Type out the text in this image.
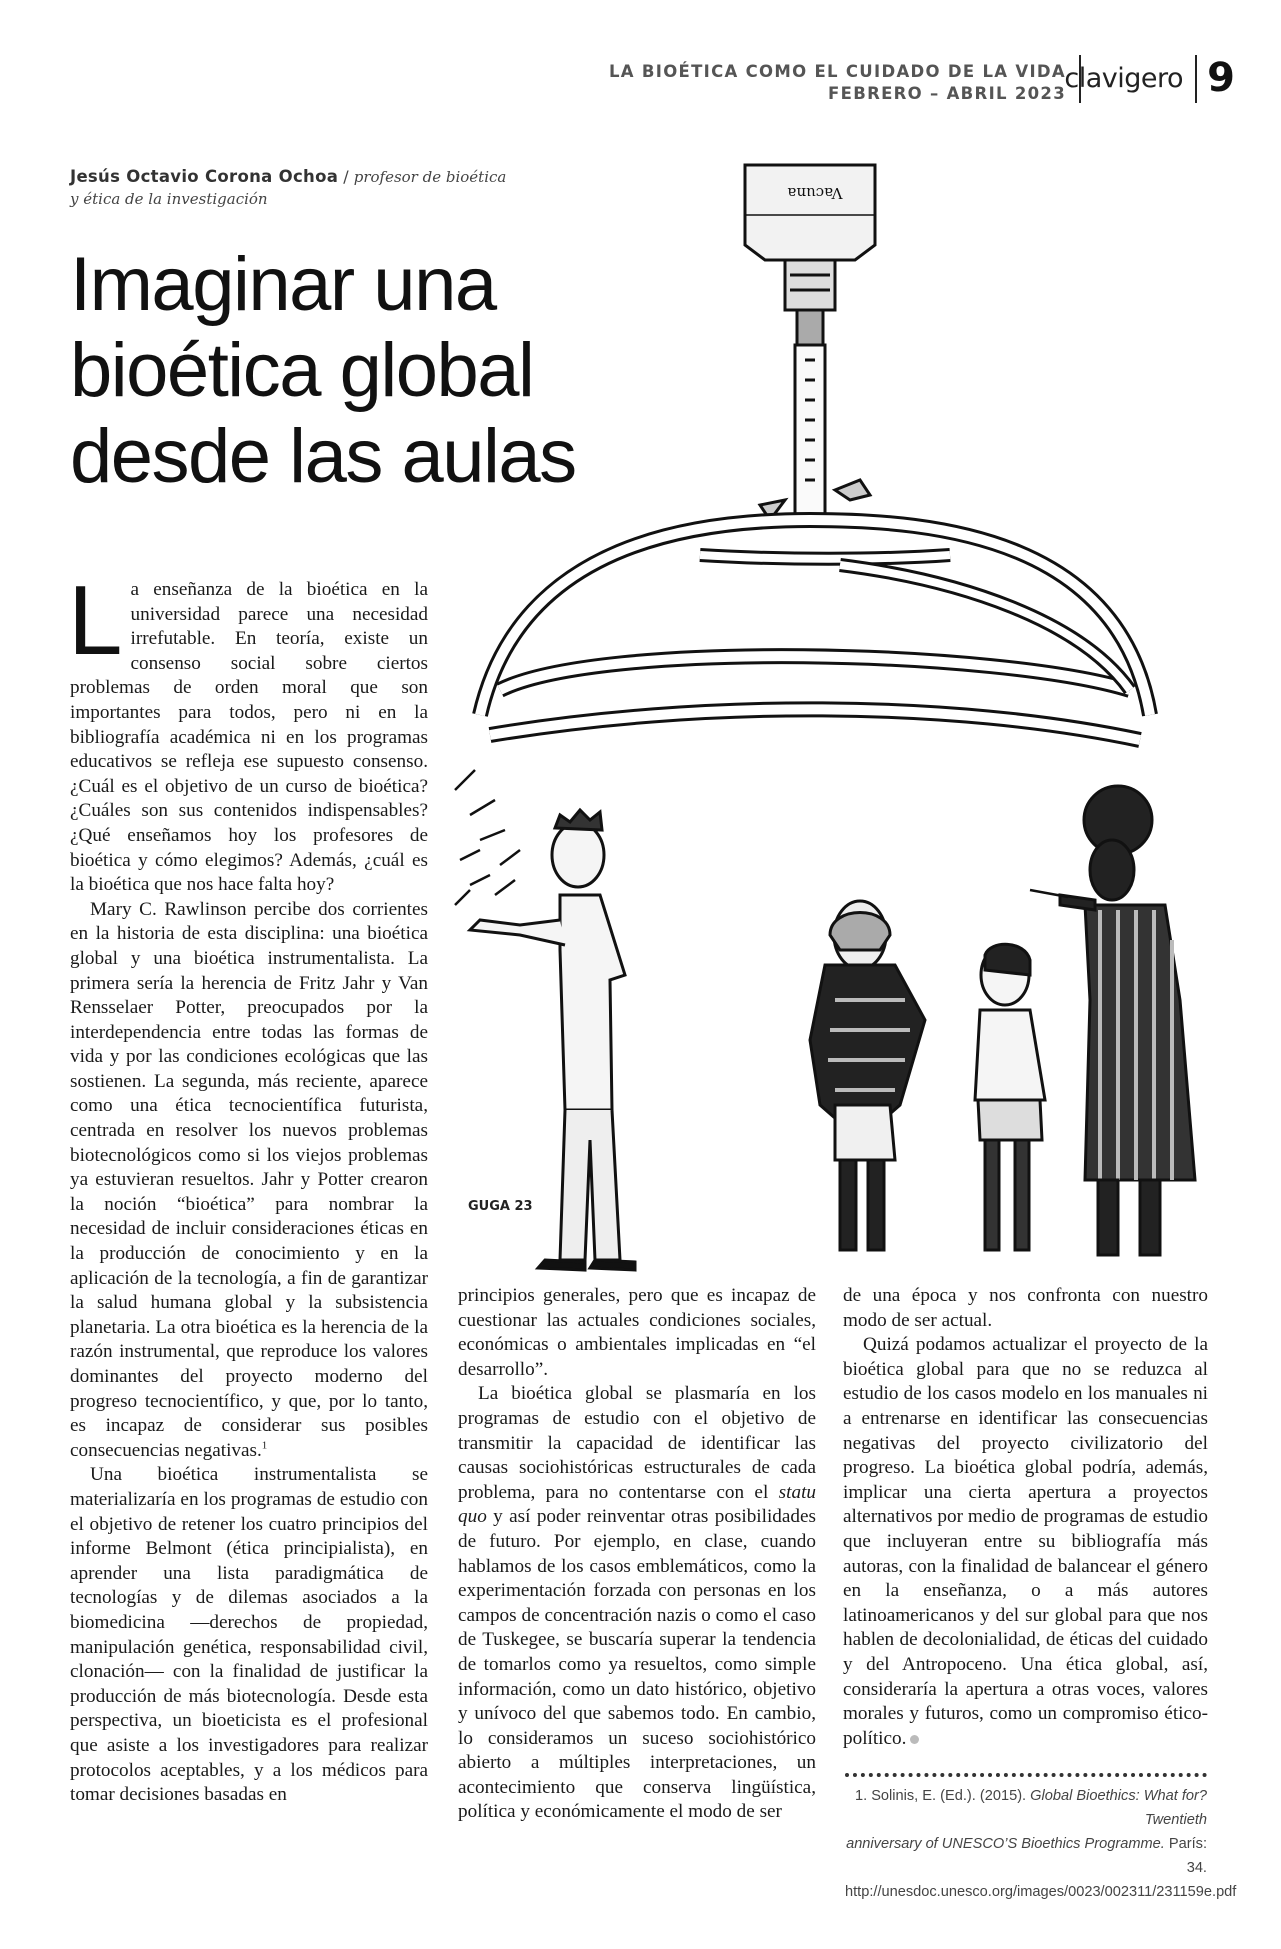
LA BIOÉTICA COMO EL CUIDADO DE LA VIDA
FEBRERO – ABRIL 2023
clavigero 9
Jesús Octavio Corona Ochoa / profesor de bioética
y ética de la investigación
Imaginar una
bioética global
desde las aulas
Vacuna
GUGA 23

La enseñanza de la bioética en la universidad parece una necesidad irrefutable. En teoría, existe un consenso social sobre ciertos problemas de orden moral que son importantes para todos, pero ni en la bibliografía académica ni en los programas educativos se refleja ese supuesto consenso. ¿Cuál es el objetivo de un curso de bioética? ¿Cuáles son sus contenidos indispensables? ¿Qué enseñamos hoy los profesores de bioética y cómo elegimos? Además, ¿cuál es la bioética que nos hace falta hoy?

Mary C. Rawlinson percibe dos corrientes en la historia de esta disciplina: una bioética global y una bioética instrumentalista. La primera sería la herencia de Fritz Jahr y Van Rensselaer Potter, preocupados por la interdependencia entre todas las formas de vida y por las condiciones ecológicas que las sostienen. La segunda, más reciente, aparece como una ética tecnocientífica futurista, centrada en resolver los nuevos problemas biotecnológicos como si los viejos problemas ya estuvieran resueltos. Jahr y Potter crearon la noción “bioética” para nombrar la necesidad de incluir consideraciones éticas en la producción de conocimiento y en la aplicación de la tecnología, a fin de garantizar la salud humana global y la subsistencia planetaria. La otra bioética es la herencia de la razón instrumental, que reproduce los valores dominantes del proyecto moderno del progreso tecnocientífico, y que, por lo tanto, es incapaz de considerar sus posibles consecuencias negativas.$^1$

Una bioética instrumentalista se materializaría en los programas de estudio con el objetivo de retener los cuatro principios del informe Belmont (ética principialista), en aprender una lista paradigmática de tecnologías y de dilemas asociados a la biomedicina —derechos de propiedad, manipulación genética, responsabilidad civil, clonación— con la finalidad de justificar la producción de más biotecnología. Desde esta perspectiva, un bioeticista es el profesional que asiste a los investigadores para realizar protocolos aceptables, y a los médicos para tomar decisiones basadas en

principios generales, pero que es incapaz de cuestionar las actuales condiciones sociales, económicas o ambientales implicadas en “el desarrollo”.

La bioética global se plasmaría en los programas de estudio con el objetivo de transmitir la capacidad de identificar las causas sociohistóricas estructurales de cada problema, para no contentarse con el statu quo y así poder reinventar otras posibilidades de futuro. Por ejemplo, en clase, cuando hablamos de los casos emblemáticos, como la experimentación forzada con personas en los campos de concentración nazis o como el caso de Tuskegee, se buscaría superar la tendencia de tomarlos como ya resueltos, como simple información, como un dato histórico, objetivo y unívoco del que sabemos todo. En cambio, lo consideramos un suceso sociohistórico abierto a múltiples interpretaciones, un acontecimiento que conserva lingüística, política y económicamente el modo de ser

de una época y nos confronta con nuestro modo de ser actual.

Quizá podamos actualizar el proyecto de la bioética global para que no se reduzca al estudio de los casos modelo en los manuales ni a entrenarse en identificar las consecuencias negativas del proyecto civilizatorio del progreso. La bioética global podría, además, implicar una cierta apertura a proyectos alternativos por medio de programas de estudio que incluyeran entre su bibliografía más autoras, con la finalidad de balancear el género en la enseñanza, o a más autores latinoamericanos y del sur global para que nos hablen de decolonialidad, de éticas del cuidado y del Antropoceno. Una ética global, así, consideraría la apertura a otras voces, valores morales y futuros, como un compromiso ético-político.

1. Solinis, E. (Ed.). (2015). Global Bioethics: What for? Twentieth
anniversary of UNESCO’S Bioethics Programme. París: 34.
http://unesdoc.unesco.org/images/0023/002311/231159e.pdf
